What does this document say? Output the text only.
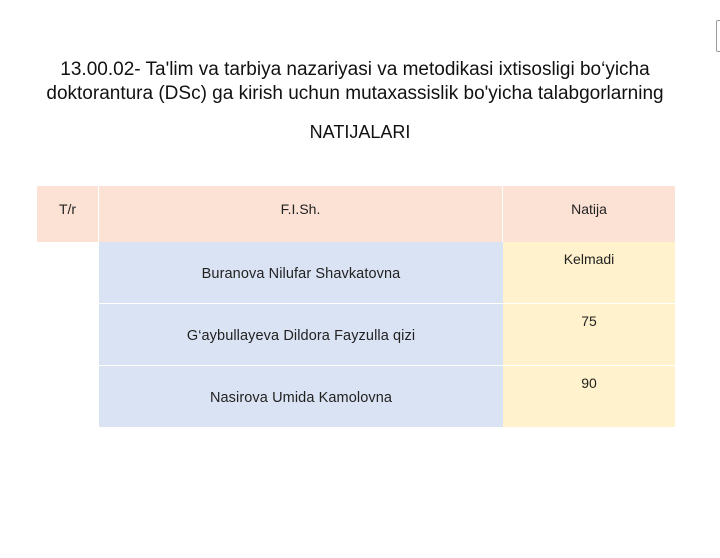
13.00.02- Ta'lim va tarbiya nazariyasi va metodikasi ixtisosligi bo‘yicha
doktorantura (DSc) ga kirish uchun mutaxassislik bo'yicha talabgorlarning
NATIJALARI
T/r	F.I.Sh.	Natija
Buranova Nilufar Shavkatovna
Kelmadi
G‘aybullayeva Dildora Fayzulla qizi
75
Nasirova Umida Kamolovna
90
